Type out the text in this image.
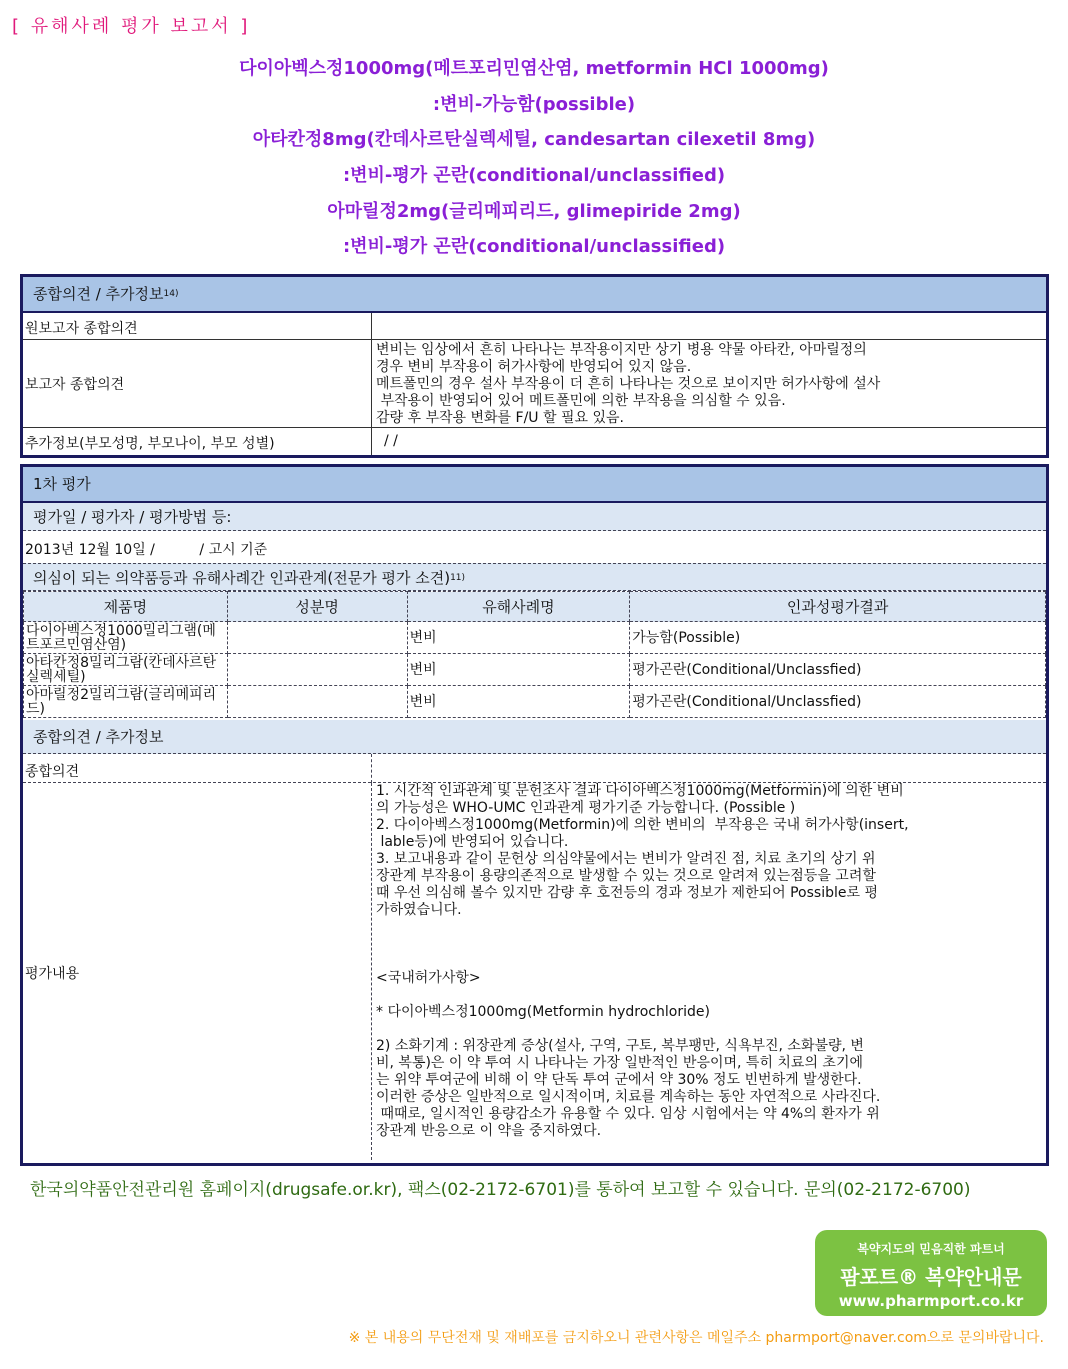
[ 유해사례 평가 보고서 ]
다이아벡스정1000mg(메트포리민염산염, metformin HCl 1000mg)
:변비-가능함(possible)
아타칸정8mg(칸데사르탄실렉세틸, candesartan cilexetil 8mg)
:변비-평가 곤란(conditional/unclassified)
아마릴정2mg(글리메피리드, glimepiride 2mg)
:변비-평가 곤란(conditional/unclassified)
종합의견 / 추가정보$^{14)}$
원보고자 종합의견
보고자 종합의견
변비는 임상에서 흔히 나타나는 부작용이지만 상기 병용 약물 아타칸, 아마릴정의
경우 변비 부작용이 허가사항에 반영되어 있지 않음.
메트폴민의 경우 설사 부작용이 더 흔히 나타나는 것으로 보이지만 허가사항에 설사
부작용이 반영되어 있어 메트폴민에 의한 부작용을 의심할 수 있음.
감량 후 부작용 변화를 F/U 할 필요 있음.
추가정보(부모성명, 부모나이, 부모 성별)	/ /
1차 평가
평가일 / 평가자 / 평가방법 등:
2013년 12월 10일 /          / 고시 기준
의심이 되는 의약품등과 유해사례간 인과관계(전문가 평가 소견)$^{11)}$
제품명	성분명	유해사례명	인과성평가결과
다이아벡스정1000밀리그램(메트포르민염산염)		변비	가능함(Possible)
아타칸정8밀리그람(칸데사르탄실렉세틸)		변비	평가곤란(Conditional/Unclassfied)
아마릴정2밀리그람(글리메피리드)		변비	평가곤란(Conditional/Unclassfied)
종합의견 / 추가정보
종합의견
평가내용
1. 시간적 인과관계 및 문헌조사 결과 다이아벡스정1000mg(Metformin)에 의한 변비
의 가능성은 WHO-UMC 인과관계 평가기준 가능합니다. (Possible )
2. 다이아벡스정1000mg(Metformin)에 의한 변비의  부작용은 국내 허가사항(insert,
lable등)에 반영되어 있습니다.
3. 보고내용과 같이 문헌상 의심약물에서는 변비가 알려진 점, 치료 초기의 상기 위
장관계 부작용이 용량의존적으로 발생할 수 있는 것으로 알려져 있는점등을 고려할
때 우선 의심해 볼수 있지만 감량 후 호전등의 경과 정보가 제한되어 Possible로 평
가하였습니다.
<국내허가사항>
* 다이아벡스정1000mg(Metformin hydrochloride)
2) 소화기계 : 위장관계 증상(설사, 구역, 구토, 복부팽만, 식욕부진, 소화불량, 변
비, 복통)은 이 약 투여 시 나타나는 가장 일반적인 반응이며, 특히 치료의 초기에
는 위약 투여군에 비해 이 약 단독 투여 군에서 약 30% 정도 빈번하게 발생한다.
이러한 증상은 일반적으로 일시적이며, 치료를 계속하는 동안 자연적으로 사라진다.
때때로, 일시적인 용량감소가 유용할 수 있다. 임상 시험에서는 약 4%의 환자가 위
장관계 반응으로 이 약을 중지하였다.
한국의약품안전관리원 홈페이지(drugsafe.or.kr), 팩스(02-2172-6701)를 통하여 보고할 수 있습니다. 문의(02-2172-6700)
복약지도의 믿음직한 파트너
팜포트® 복약안내문
www.pharmport.co.kr
※ 본 내용의 무단전재 및 재배포를 금지하오니 관련사항은 메일주소 pharmport@naver.com으로 문의바랍니다.
